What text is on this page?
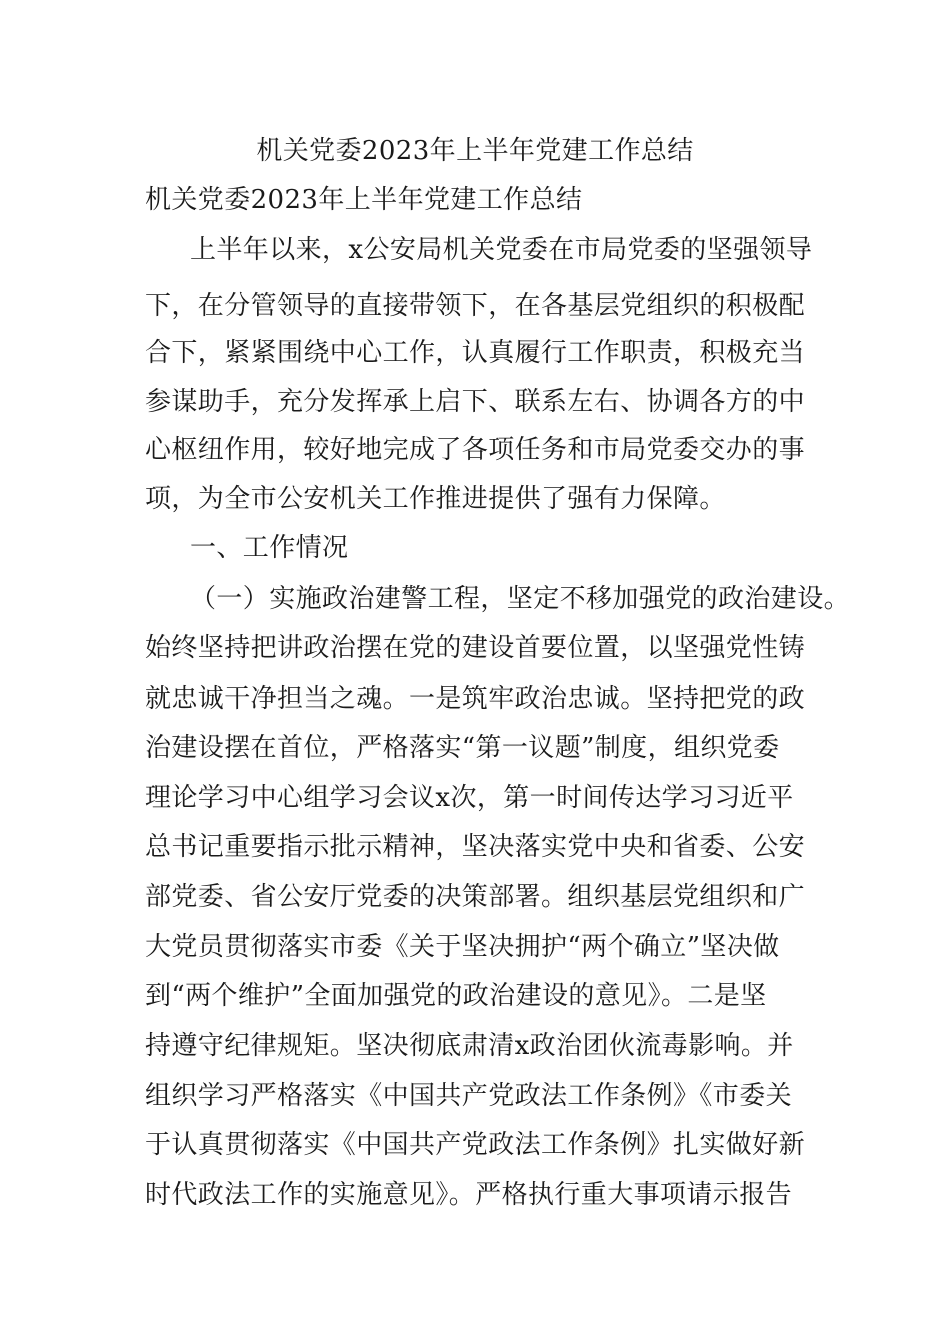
机关党委2023年上半年党建工作总结
机关党委2023年上半年党建工作总结
上半年以来，x公安局机关党委在市局党委的坚强领导
下，在分管领导的直接带领下，在各基层党组织的积极配
合下，紧紧围绕中心工作，认真履行工作职责，积极充当
参谋助手，充分发挥承上启下、联系左右、协调各方的中
心枢纽作用，较好地完成了各项任务和市局党委交办的事
项，为全市公安机关工作推进提供了强有力保障。
一、工作情况
（一）实施政治建警工程，坚定不移加强党的政治建设。
始终坚持把讲政治摆在党的建设首要位置，以坚强党性铸
就忠诚干净担当之魂。一是筑牢政治忠诚。坚持把党的政
治建设摆在首位，严格落实“第一议题”制度，组织党委
理论学习中心组学习会议x次，第一时间传达学习习近平
总书记重要指示批示精神，坚决落实党中央和省委、公安
部党委、省公安厅党委的决策部署。组织基层党组织和广
大党员贯彻落实市委《关于坚决拥护“两个确立”坚决做
到“两个维护”全面加强党的政治建设的意见》。二是坚
持遵守纪律规矩。坚决彻底肃清x政治团伙流毒影响。并
组织学习严格落实《中国共产党政法工作条例》《市委关
于认真贯彻落实《中国共产党政法工作条例》扎实做好新
时代政法工作的实施意见》。严格执行重大事项请示报告
